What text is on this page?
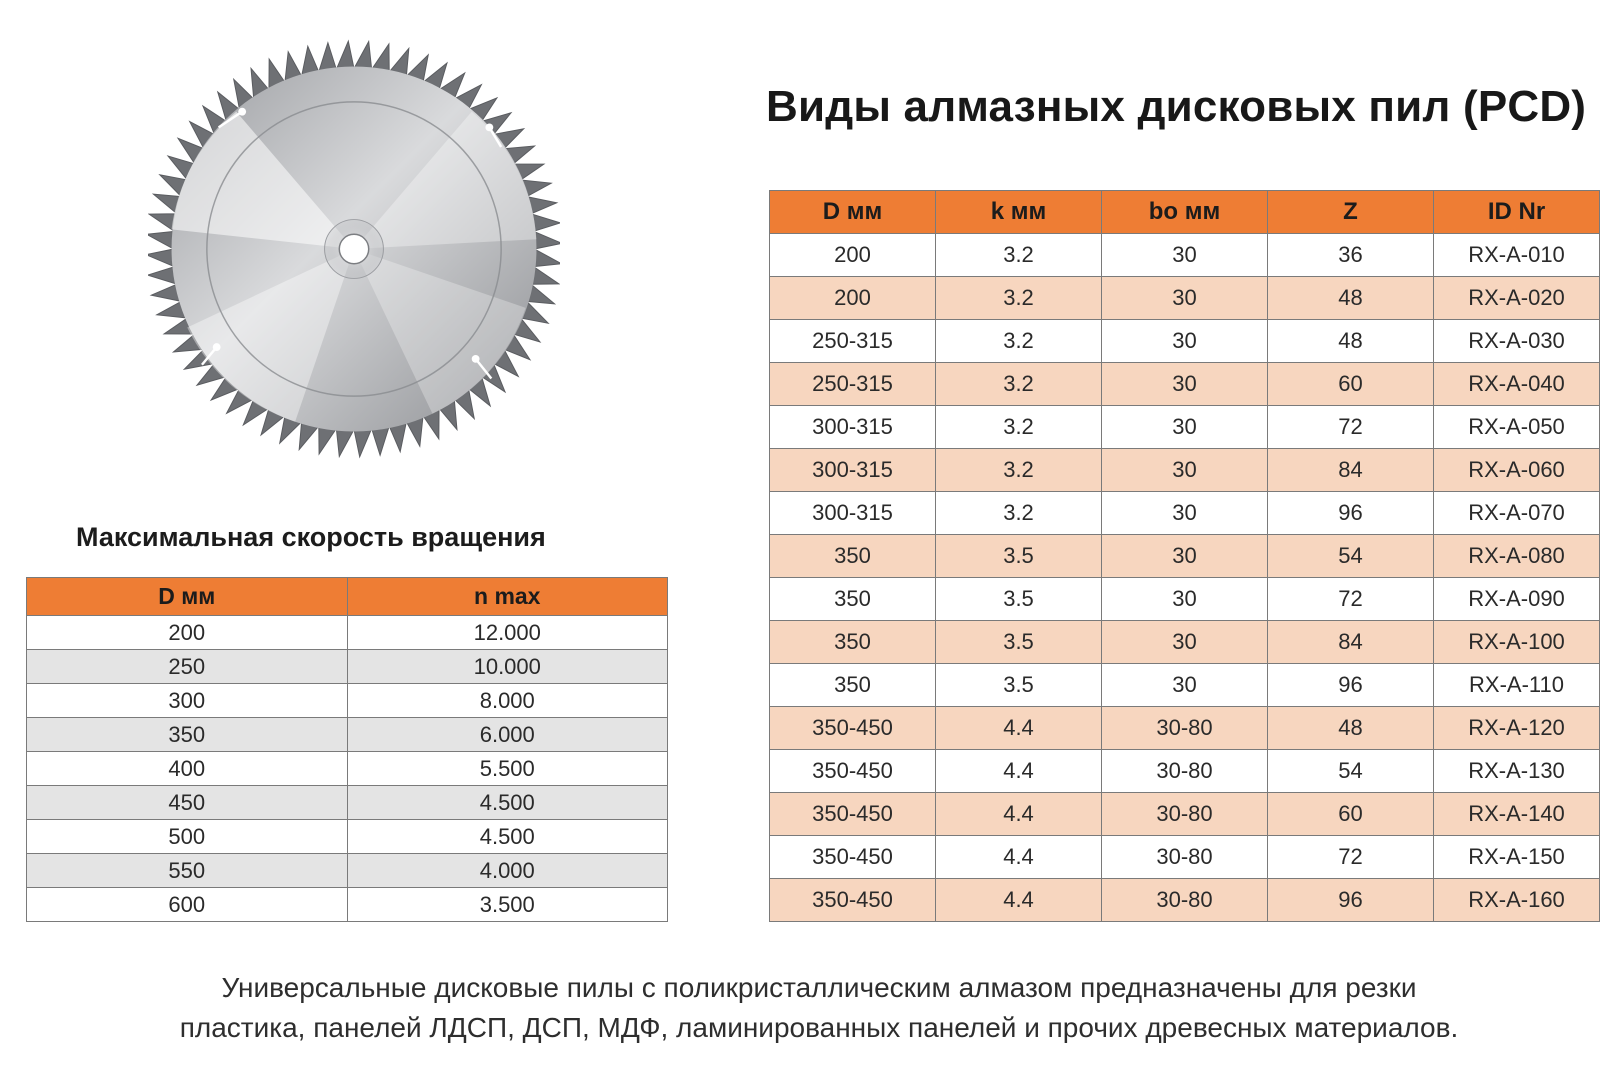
Виды алмазных дисковых пил (PCD)
Максимальная скорость вращения
D мм	n max
200	12.000
250	10.000
300	8.000
350	6.000
400	5.500
450	4.500
500	4.500
550	4.000
600	3.500
D мм	k мм	bo мм	Z	ID Nr
200	3.2	30	36	RX-A-010
200	3.2	30	48	RX-A-020
250-315	3.2	30	48	RX-A-030
250-315	3.2	30	60	RX-A-040
300-315	3.2	30	72	RX-A-050
300-315	3.2	30	84	RX-A-060
300-315	3.2	30	96	RX-A-070
350	3.5	30	54	RX-A-080
350	3.5	30	72	RX-A-090
350	3.5	30	84	RX-A-100
350	3.5	30	96	RX-A-110
350-450	4.4	30-80	48	RX-A-120
350-450	4.4	30-80	54	RX-A-130
350-450	4.4	30-80	60	RX-A-140
350-450	4.4	30-80	72	RX-A-150
350-450	4.4	30-80	96	RX-A-160
Универсальные дисковые пилы с поликристаллическим алмазом предназначены для резки
пластика, панелей ЛДСП, ДСП, МДФ, ламинированных панелей и прочих древесных материалов.
